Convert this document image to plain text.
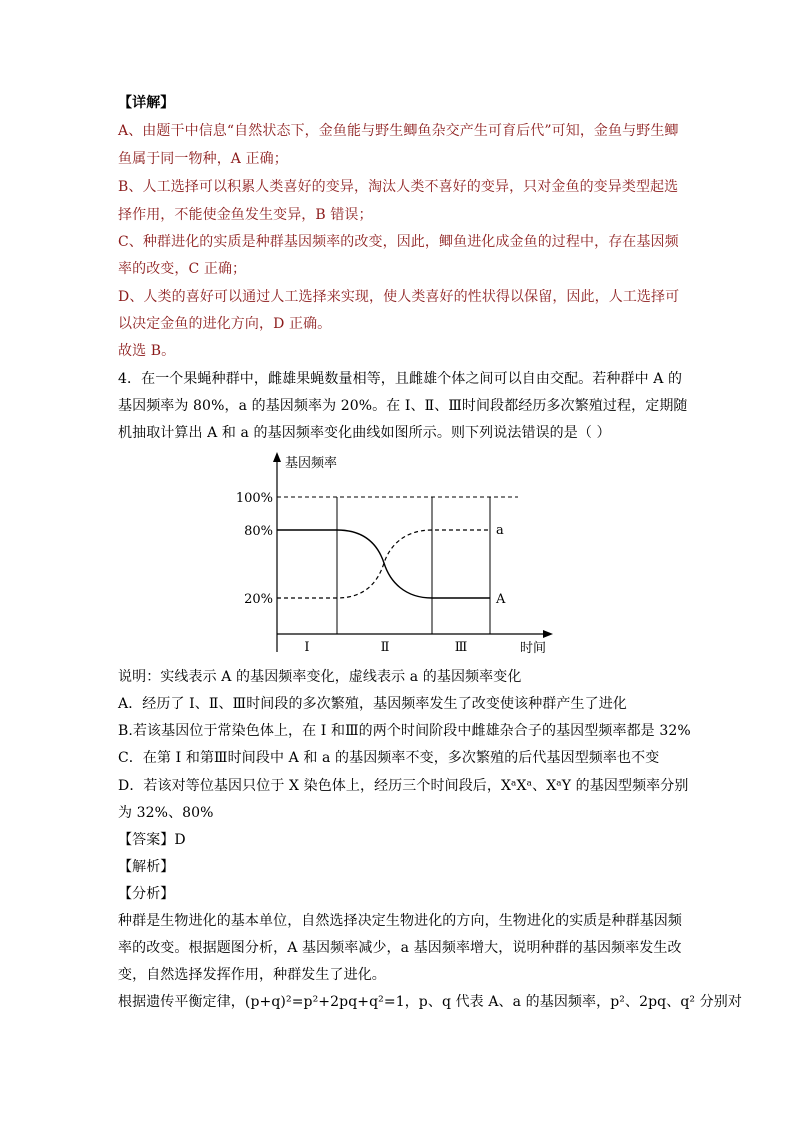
【详解】
A、由题干中信息“自然状态下，金鱼能与野生鲫鱼杂交产生可育后代”可知，金鱼与野生鲫
鱼属于同一物种，A 正确；
B、人工选择可以积累人类喜好的变异，淘汰人类不喜好的变异，只对金鱼的变异类型起选
择作用，不能使金鱼发生变异，B 错误；
C、种群进化的实质是种群基因频率的改变，因此，鲫鱼进化成金鱼的过程中，存在基因频
率的改变，C 正确；
D、人类的喜好可以通过人工选择来实现，使人类喜好的性状得以保留，因此，人工选择可
以决定金鱼的进化方向，D 正确。
故选 B。
4．在一个果蝇种群中，雌雄果蝇数量相等，且雌雄个体之间可以自由交配。若种群中 A 的
基因频率为 80%，a 的基因频率为 20%。在 Ⅰ、Ⅱ、Ⅲ时间段都经历多次繁殖过程，定期随
机抽取计算出 A 和 a 的基因频率变化曲线如图所示。则下列说法错误的是（ ）
基因频率
时间
100%
80%
20%
a
A
Ⅰ	Ⅱ	Ⅲ
说明：实线表示 A 的基因频率变化，虚线表示 a 的基因频率变化
A．经历了 Ⅰ、Ⅱ、Ⅲ时间段的多次繁殖，基因频率发生了改变使该种群产生了进化
B.若该基因位于常染色体上，在 Ⅰ 和Ⅲ的两个时间阶段中雌雄杂合子的基因型频率都是 32%
C．在第 Ⅰ 和第Ⅲ时间段中 A 和 a 的基因频率不变，多次繁殖的后代基因型频率也不变
D．若该对等位基因只位于 X 染色体上，经历三个时间段后，XᵃXᵃ、XᵃY 的基因型频率分别
为 32%、80%
【答案】D
【解析】
【分析】
种群是生物进化的基本单位，自然选择决定生物进化的方向，生物进化的实质是种群基因频
率的改变。根据题图分析，A 基因频率减少，a 基因频率增大，说明种群的基因频率发生改
变，自然选择发挥作用，种群发生了进化。
根据遗传平衡定律，(p+q)²=p²+2pq+q²=1，p、q 代表 A、a 的基因频率，p²、2pq、q² 分别对
